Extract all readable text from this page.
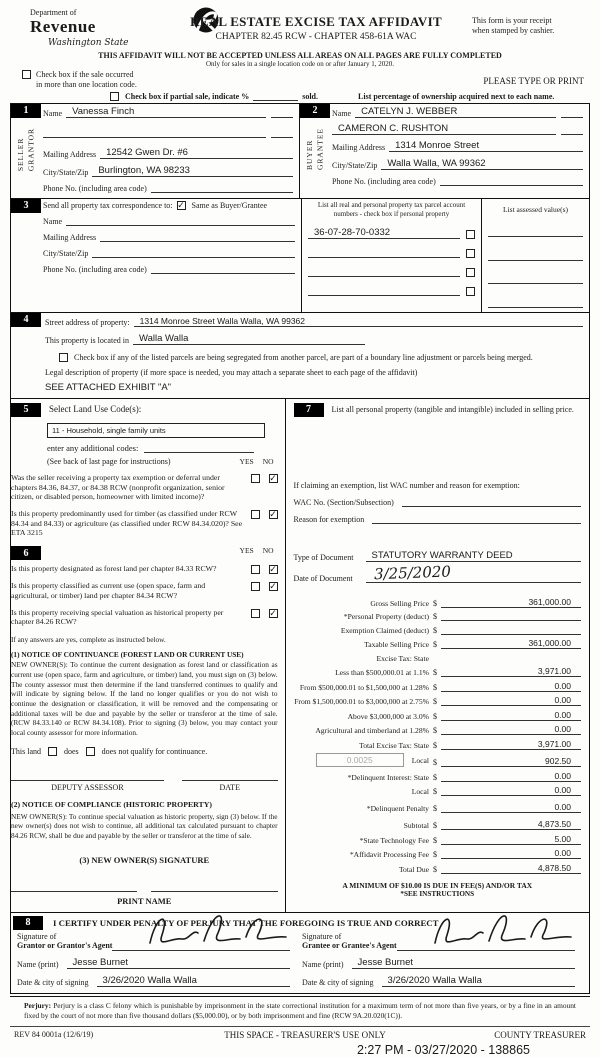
Department of
Revenue
Washington State
REAL ESTATE EXCISE TAX AFFIDAVIT
CHAPTER 82.45 RCW - CHAPTER 458-61A WAC
This form is your receipt
when stamped by cashier.
THIS AFFIDAVIT WILL NOT BE ACCEPTED UNLESS ALL AREAS ON ALL PAGES ARE FULLY COMPLETED
Only for sales in a single location code on or after January 1, 2020.
Check box if the sale occurred
in more than one location code.	PLEASE TYPE OR PRINT
Check box if partial sale, indicate %	sold.	List percentage of ownership acquired next to each name.
1
SELLER GRANTOR
Name	Vanessa Finch
Mailing Address	12542 Gwen Dr. #6
City/State/Zip	Burlington, WA 98233
Phone No. (including area code)
2
BUYER GRANTEE
Name	CATELYN J. WEBBER
CAMERON C. RUSHTON
Mailing Address	1314 Monroe Street
City/State/Zip	Walla Walla, WA 99362
Phone No. (including area code)
3	Send all property tax correspondence to: ✓ Same as Buyer/Grantee
Name
Mailing Address
City/State/Zip
Phone No. (including area code)
List all real and personal property tax parcel account numbers - check box if personal property
36-07-28-70-0332
List assessed value(s)
4	Street address of property:	1314 Monroe Street Walla Walla, WA 99362
This property is located in	Walla Walla
Check box if any of the listed parcels are being segregated from another parcel, are part of a boundary line adjustment or parcels being merged.
Legal description of property (if more space is needed, you may attach a separate sheet to each page of the affidavit)
SEE ATTACHED EXHIBIT "A"
5	Select Land Use Code(s):
11 - Household, single family units
enter any additional codes:
(See back of last page for instructions)	YES NO
Was the seller receiving a property tax exemption or deferral under chapters 84.36, 84.37, or 84.38 RCW (nonprofit organization, senior citizen, or disabled person, homeowner with limited income)?
✓
Is this property predominantly used for timber (as classified under RCW 84.34 and 84.33) or agriculture (as classified under RCW 84.34.020)? See ETA 3215
✓
6	YES NO
Is this property designated as forest land per chapter 84.33 RCW?	✓
Is this property classified as current use (open space, farm and agricultural, or timber) land per chapter 84.34 RCW?
✓
Is this property receiving special valuation as historical property per chapter 84.26 RCW?
✓
If any answers are yes, complete as instructed below.
(1) NOTICE OF CONTINUANCE (FOREST LAND OR CURRENT USE)
NEW OWNER(S): To continue the current designation as forest land or classification as current use (open space, farm and agriculture, or timber) land, you must sign on (3) below. The county assessor must then determine if the land transferred continues to qualify and will indicate by signing below. If the land no longer qualifies or you do not wish to continue the designation or classification, it will be removed and the compensating or additional taxes will be due and payable by the seller or transferor at the time of sale. (RCW 84.33.140 or RCW 84.34.108). Prior to signing (3) below, you may contact your local county assessor for more information.
This land	does	does not qualify for continuance.
DEPUTY ASSESSOR	DATE
(2) NOTICE OF COMPLIANCE (HISTORIC PROPERTY)
NEW OWNER(S): To continue special valuation as historic property, sign (3) below. If the new owner(s) does not wish to continue, all additional tax calculated pursuant to chapter 84.26 RCW, shall be due and payable by the seller or transferor at the time of sale.
(3) NEW OWNER(S) SIGNATURE
PRINT NAME
7	List all personal property (tangible and intangible) included in selling price.
If claiming an exemption, list WAC number and reason for exemption:
WAC No. (Section/Subsection)
Reason for exemption
Type of Document	STATUTORY WARRANTY DEED
Date of Document	3/25/2020
Gross Selling Price $	361,000.00
*Personal Property (deduct) $
Exemption Claimed (deduct) $
Taxable Selling Price $	361,000.00
Excise Tax: State
Less than $500,000.01 at 1.1% $	3,971.00
From $500,000.01 to $1,500,000 at 1.28% $	0.00
From $1,500,000.01 to $3,000,000 at 2.75% $	0.00
Above $3,000,000 at 3.0% $	0.00
Agricultural and timberland at 1.28% $	0.00
Total Excise Tax: State $	3,971.00
0.0025	Local $	902.50
*Delinquent Interest: State $	0.00
Local $	0.00
*Delinquent Penalty $	0.00
Subtotal $	4,873.50
*State Technology Fee $	5.00
*Affidavit Processing Fee $	0.00
Total Due $	4,878.50
A MINIMUM OF $10.00 IS DUE IN FEE(S) AND/OR TAX
*SEE INSTRUCTIONS
8	I CERTIFY UNDER PENALTY OF PERJURY THAT THE FOREGOING IS TRUE AND CORRECT
Signature of
Grantor or Grantor's Agent
Name (print)	Jesse Burnet
Date & city of signing	3/26/2020 Walla Walla
Signature of
Grantee or Grantee's Agent
Name (print)	Jesse Burnet
Date & city of signing	3/26/2020 Walla Walla
Perjury: Perjury is a class C felony which is punishable by imprisonment in the state correctional institution for a maximum term of not more than five years, or by a fine in an amount fixed by the court of not more than five thousand dollars ($5,000.00), or by both imprisonment and fine (RCW 9A.20.020(1C)).
REV 84 0001a (12/6/19)	THIS SPACE - TREASURER'S USE ONLY	COUNTY TREASURER
2:27 PM - 03/27/2020 - 138865
